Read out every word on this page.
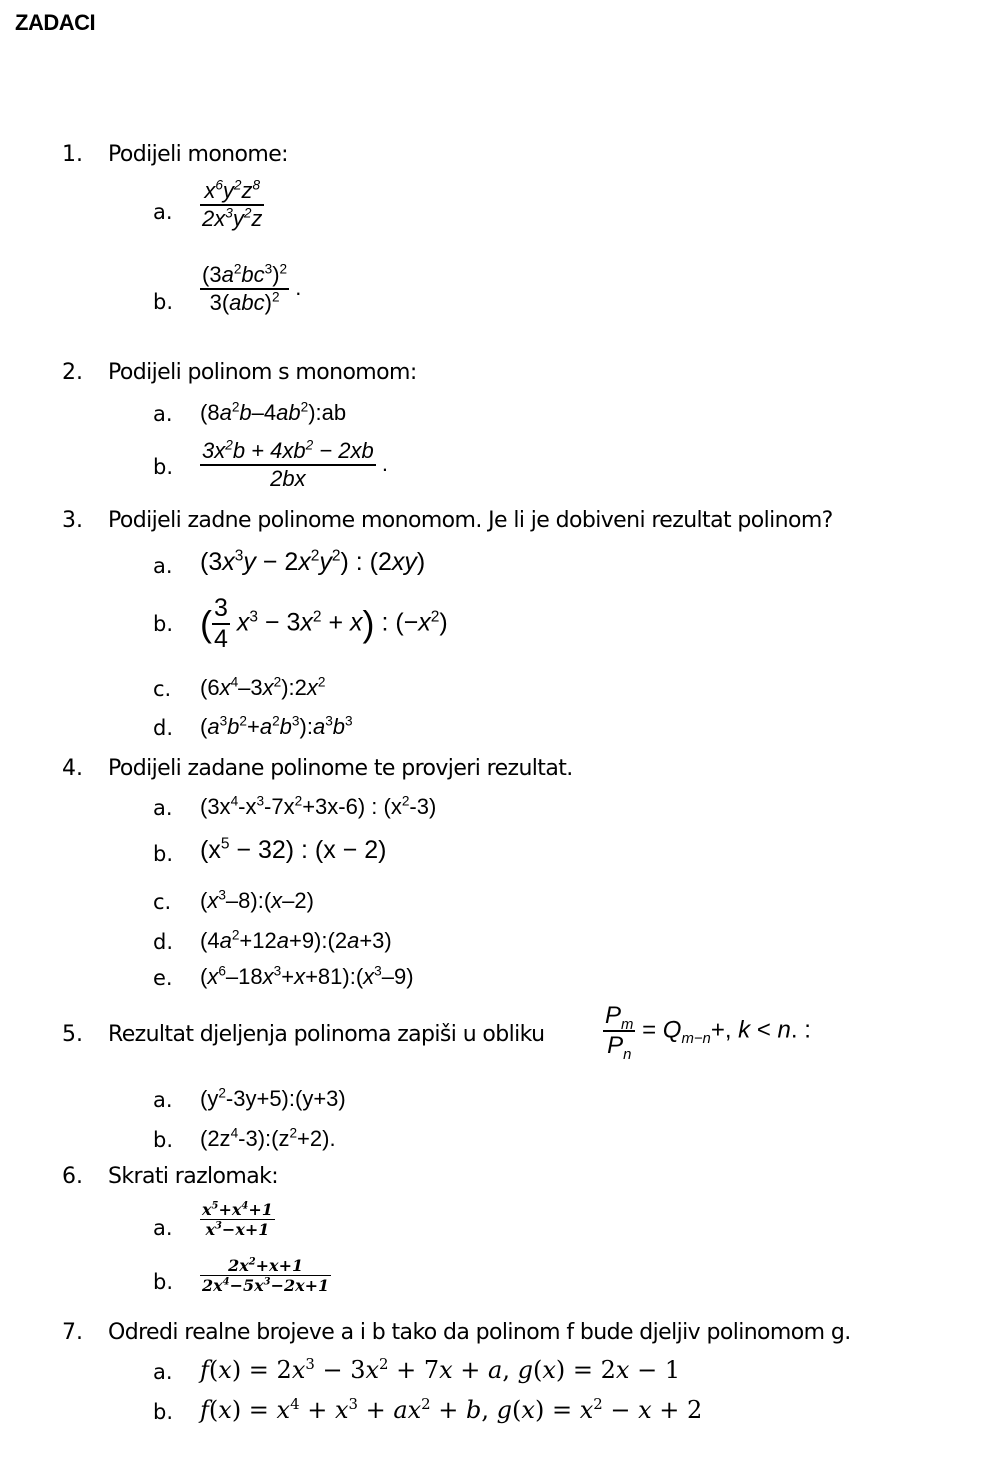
ZADACI
1. Podijeli monome:
a. $\frac{x^6y^2z^8}{2x^3y^2z}$
b. $\frac{(3a^2bc^3)^2}{3(abc)^2}$ .
2. Podijeli polinom s monomom:
a. $(8a^2b-4ab^2):ab$
b. $\frac{3x^2b + 4xb^2 - 2xb}{2bx}$ .
3. Podijeli zadne polinome monomom. Je li je dobiveni rezultat polinom?
a. $(3x^3y - 2x^2y^2)$ : (2xy)
b. ( $\frac{3}{4} x^3 - 3x^2 + x$) : $(-x^2)$
c. $(6x^4-3x^2):2x^2$
d. $(a^3b^2+a^2b^3):a^3b^3$
4. Podijeli zadane polinome te provjeri rezultat.
a. $(3x^4-x^3-7x^2+3x-6)$ : $(x^2-3)$
b. $(x^5 - 32)$ : (x − 2)
c. $(x^3-8):(x-2)$
d. $(4a^2+12a+9):(2a+3)$
e. $(x^6-18x^3+x+81):(x^3-9)$
5. Rezultat djeljenja polinoma zapiši u obliku $\frac{P_m}{P_n} = Q_{m-n}+$, k < n. :
a. $(y^2-3y+5):(y+3)$
b. $(2z^4-3):(z^2+2)$.
6. Skrati razlomak:
a. $\frac{x^5+x^4+1}{x^3-x+1}$
b. $\frac{2x^2+x+1}{2x^4-5x^3-2x+1}$
7. Odredi realne brojeve a i b tako da polinom f bude djeljiv polinomom g.
a. $f(x) = 2x^3 - 3x^2 + 7x + a$, g(x) = 2x − 1
b. $f(x) = x^4 + x^3 + ax^2 + b$, $g(x) = x^2 - x + 2$
